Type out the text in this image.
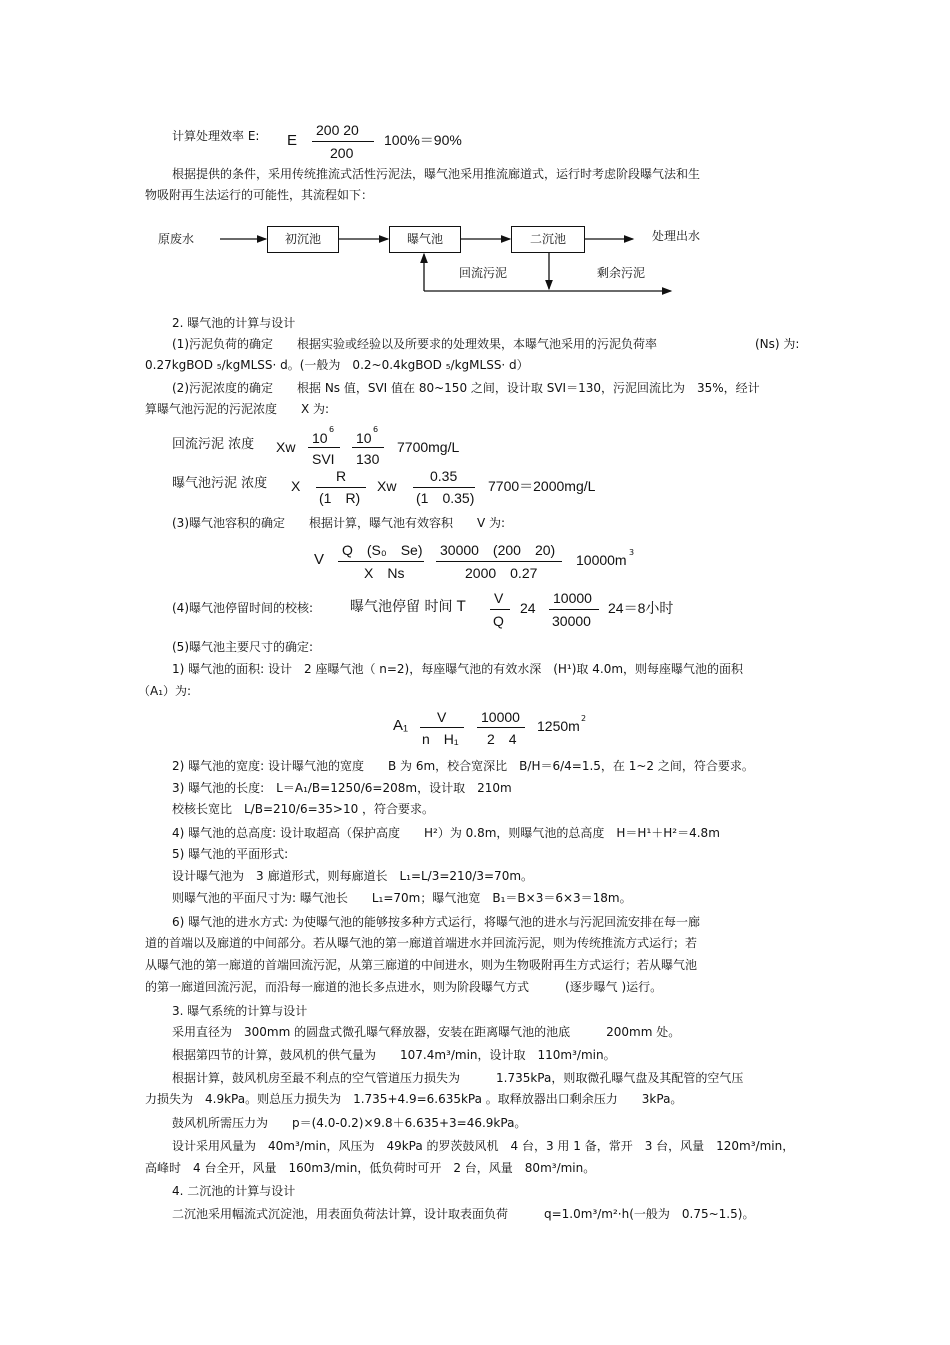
计算处理效率 E: E
200 20
200
100%＝90%
根据提供的条件，采用传统推流式活性污泥法，曝气池采用推流廊道式，运行时考虑阶段曝气法和生
物吸附再生法运行的可能性，其流程如下：
原废水	初沉池	曝气池	二沉池	处理出水
回流污泥	剩余污泥
2. 曝气池的计算与设计
(1)污泥负荷的确定　　根据实验或经验以及所要求的处理效果，本曝气池采用的污泥负荷率	(Ns) 为:
0.27kgBOD ₅/kgMLSS· d。(一般为　0.2~0.4kgBOD ₅/kgMLSS· d）
(2)污泥浓度的确定　　根据 Ns 值，SVI 值在 80~150 之间，设计取 SVI＝130，污泥回流比为　35%，经计
算曝气池污泥的污泥浓度　　X 为:
回流污泥 浓度 Xw
10
6
SVI
10
6
130
7700mg/L
曝气池污泥 浓度 X
R
(1　R)
Xw
0.35
(1　0.35)
7700＝2000mg/L
(3)曝气池容积的确定　　根据计算，曝气池有效容积　　V 为:
V
Q　(S₀　Se)
X　Ns
30000　(200　20)
2000　0.27
10000m 3
(4)曝气池停留时间的校核:	曝气池停留 时间 T
V
Q
24
10000
30000
24＝8小时
(5)曝气池主要尺寸的确定:
1) 曝气池的面积: 设计　2 座曝气池（ n=2)，每座曝气池的有效水深　(H¹)取 4.0m，则每座曝气池的面积
（A₁）为:
A₁ V
n　H₁
10000
2　4
1250m 2
2) 曝气池的宽度: 设计曝气池的宽度　　B 为 6m，校合宽深比　B/H＝6/4=1.5，在 1~2 之间，符合要求。
3) 曝气池的长度:　L＝A₁/B=1250/6=208m，设计取　210m
校核长宽比　L/B=210/6=35>10 ，符合要求。
4) 曝气池的总高度: 设计取超高（保护高度　　H²）为 0.8m，则曝气池的总高度　H＝H¹＋H²＝4.8m
5) 曝气池的平面形式:
设计曝气池为　3 廊道形式，则每廊道长　L₁=L/3=210/3=70m。
则曝气池的平面尺寸为: 曝气池长　　L₁=70m；曝气池宽　B₁＝B×3＝6×3＝18m。
6) 曝气池的进水方式: 为使曝气池的能够按多种方式运行，将曝气池的进水与污泥回流安排在每一廊
道的首端以及廊道的中间部分。若从曝气池的第一廊道首端进水并回流污泥，则为传统推流方式运行；若
从曝气池的第一廊道的首端回流污泥，从第三廊道的中间进水，则为生物吸附再生方式运行；若从曝气池
的第一廊道回流污泥，而沿每一廊道的池长多点进水，则为阶段曝气方式　　　(逐步曝气 )运行。
3. 曝气系统的计算与设计
采用直径为　300mm 的圆盘式微孔曝气释放器，安装在距离曝气池的池底　　　200mm 处。
根据第四节的计算，鼓风机的供气量为　　107.4m³/min，设计取　110m³/min。
根据计算，鼓风机房至最不利点的空气管道压力损失为　　　1.735kPa，则取微孔曝气盘及其配管的空气压
力损失为　4.9kPa。则总压力损失为　1.735+4.9=6.635kPa 。取释放器出口剩余压力　　3kPa。
鼓风机所需压力为　　p＝(4.0-0.2)×9.8＋6.635+3=46.9kPa。
设计采用风量为　40m³/min，风压为　49kPa 的罗茨鼓风机　4 台，3 用 1 备，常开　3 台，风量　120m³/min，
高峰时　4 台全开，风量　160m3/min，低负荷时可开　2 台，风量　80m³/min。
4. 二沉池的计算与设计
二沉池采用幅流式沉淀池，用表面负荷法计算，设计取表面负荷　　　q=1.0m³/m²·h(一般为　0.75~1.5)。
